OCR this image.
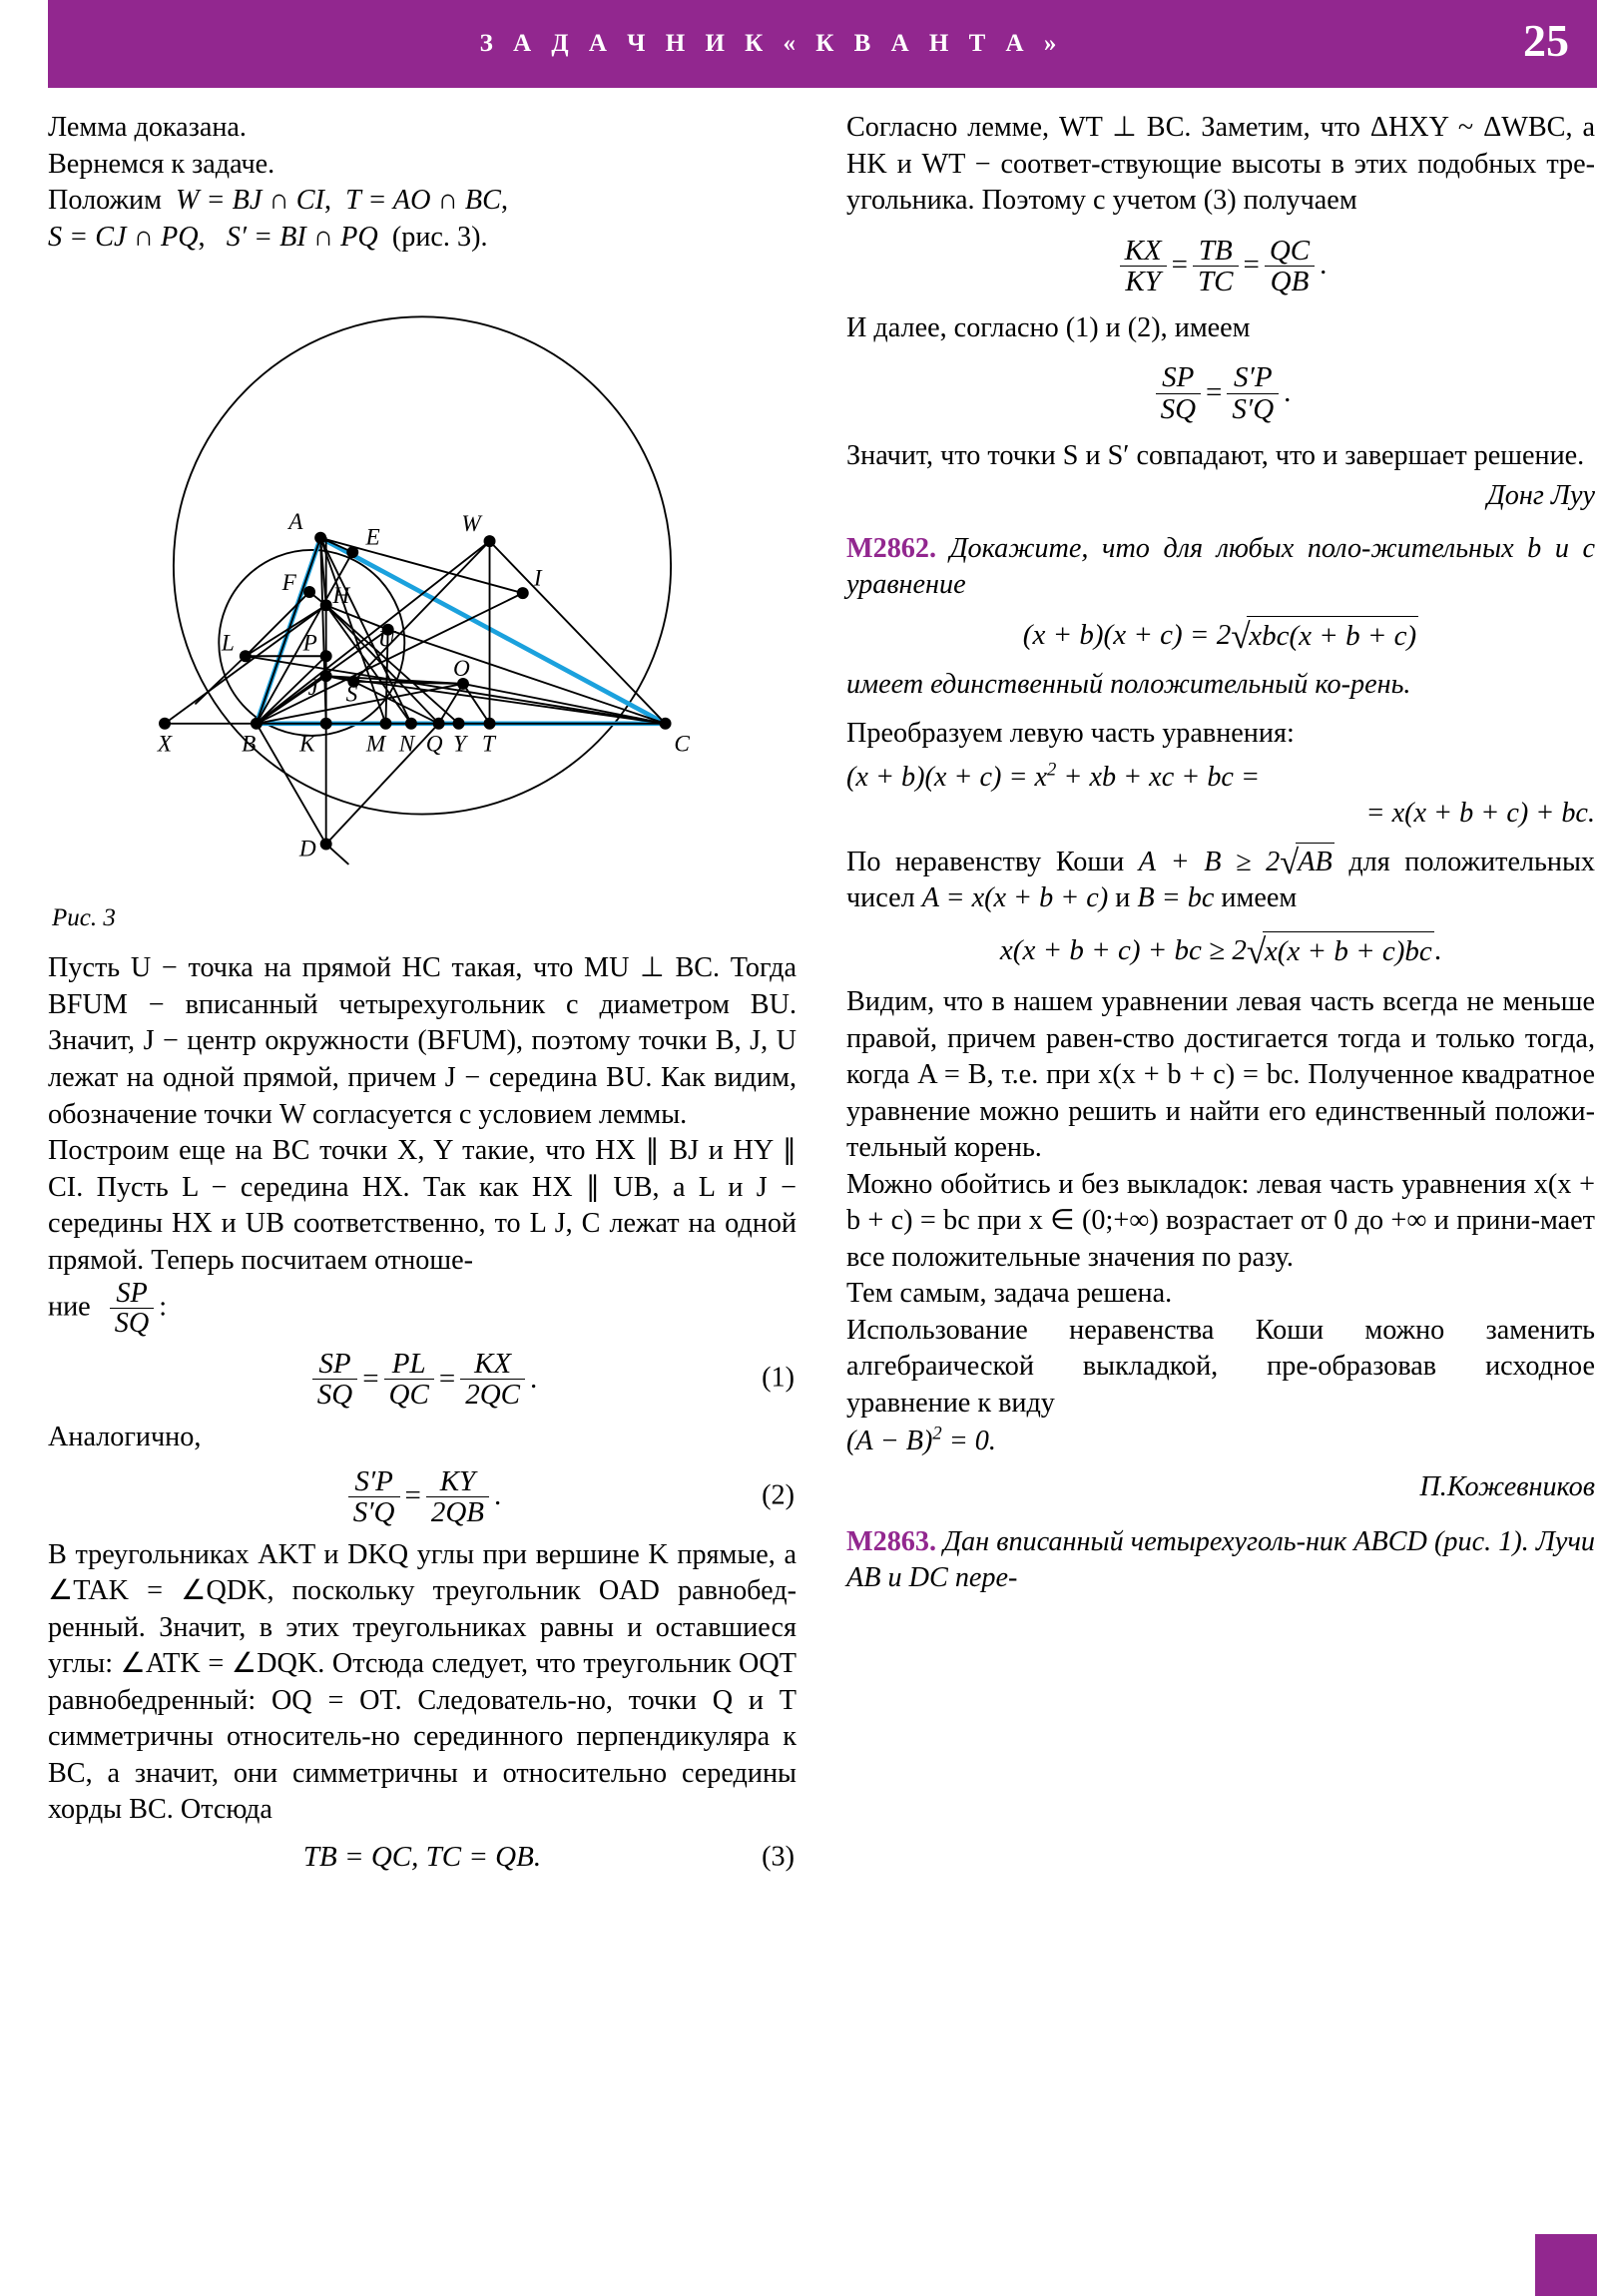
З А Д А Ч Н И К « К В А Н Т А »	25
Лемма доказана.
Вернемся к задаче.
Положим W = BJ ∩ CI,  T = AO ∩ BC,
S = CJ ∩ PQ,   S′ = BI ∩ PQ (рис. 3).
A
E
W
I
F
H
U
L	P
J S
O
X	B K M N Q Y T	C
D
Рис. 3
Пусть U − точка на прямой HC такая, что MU ⊥ BC. Тогда BFUM − вписанный четырехугольник с диаметром BU. Значит, J − центр окружности (BFUM), поэтому точки B, J, U лежат на одной прямой, причем J − середина BU. Как видим, обозначение точки W согласуется с условием леммы.
Построим еще на BC точки X, Y такие, что HX ∥ BJ и HY ∥ CI. Пусть L − середина HX. Так как HX ∥ UB, а L и J − середины HX и UB соответственно, то L J, C лежат на одной прямой. Теперь посчитаем отноше-
ние $\frac{SP}{SQ}$ :
$\frac{SP}{SQ} = \frac{PL}{QC} = \frac{KX}{2QC}$ .	(1)
Аналогично,
$\frac{S'P}{S'Q} = \frac{KY}{2QB}$ .	(2)
В треугольниках AKT и DKQ углы при вершине K прямые, а ∠TAK = ∠QDK, поскольку треугольник OAD равнобед-ренный. Значит, в этих треугольниках равны и оставшиеся углы: ∠ATK = ∠DQK. Отсюда следует, что треугольник OQT равнобедренный: OQ = OT. Следователь-но, точки Q и T симметричны относитель-но серединного перпендикуляра к BC, а значит, они симметричны и относительно середины хорды BC. Отсюда
TB = QC, TC = QB.	(3)
Согласно лемме, WT ⊥ BC. Заметим, что ΔHXY ~ ΔWBC, а HK и WT − соответ-ствующие высоты в этих подобных тре-угольника. Поэтому с учетом (3) получаем
$\frac{KX}{KY} = \frac{TB}{TC} = \frac{QC}{QB}$ .
И далее, согласно (1) и (2), имеем
$\frac{SP}{SQ} = \frac{S'P}{S'Q}$ .
Значит, что точки S и S′ совпадают, что и завершает решение.
Донг Луу
M2862. Докажите, что для любых поло-жительных b и c уравнение
(x + b)(x + c) = 2 √ xbc(x + b + c)
имеет единственный положительный ко-рень.
Преобразуем левую часть уравнения:
$(x + b)(x + c) = x^2$ + xb + xc + bc =
= x(x + b + c) + bc.
По неравенству Коши A + B ≥ 2 √ AB для положительных чисел A = x(x + b + c) и B = bc имеем
x(x + b + c) + bc ≥ 2 √ x(x + b + c)bc .
Видим, что в нашем уравнении левая часть всегда не меньше правой, причем равен-ство достигается тогда и только тогда, когда A = B, т.е. при x(x + b + c) = bc. Полученное квадратное уравнение можно решить и найти его единственный положи-тельный корень.
Можно обойтись и без выкладок: левая часть уравнения x(x + b + c) = bc при x ∈ (0;+∞) возрастает от 0 до +∞ и прини-мает все положительные значения по разу.
Тем самым, задача решена.
Использование неравенства Коши можно заменить алгебраической выкладкой, пре-образовав исходное уравнение к виду
$(A - B)^2 = 0$.
П.Кожевников
M2863. Дан вписанный четырехуголь-ник ABCD (рис. 1). Лучи AB и DC пере-
